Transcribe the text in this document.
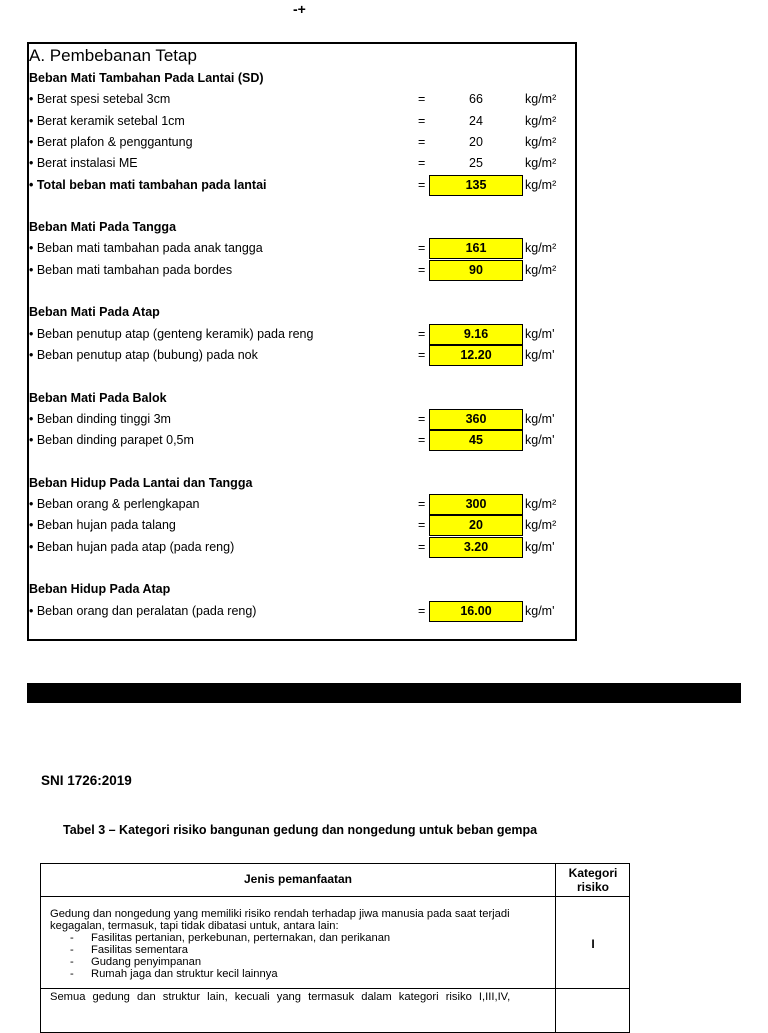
-+
A. Pembebanan Tetap
Beban Mati Tambahan Pada Lantai (SD)
• Berat spesi setebal 3cm	=	66	kg/m²
• Berat keramik setebal 1cm	=	24	kg/m²
• Berat plafon & penggantung	=	20	kg/m²
• Berat instalasi ME	=	25	kg/m²
• Total beban mati tambahan pada lantai	=	135	kg/m²
Beban Mati Pada Tangga
• Beban mati tambahan pada anak tangga	=	161	kg/m²
• Beban mati tambahan pada bordes	=	90	kg/m²
Beban Mati Pada Atap
• Beban penutup atap (genteng keramik) pada reng	=	9.16	kg/m'
• Beban penutup atap (bubung) pada nok	=	12.20	kg/m'
Beban Mati Pada Balok
• Beban dinding tinggi 3m	=	360	kg/m'
• Beban dinding parapet 0,5m	=	45	kg/m'
Beban Hidup Pada Lantai dan Tangga
• Beban orang & perlengkapan	=	300	kg/m²
• Beban hujan pada talang	=	20	kg/m²
• Beban hujan pada atap (pada reng)	=	3.20	kg/m'
Beban Hidup Pada Atap
• Beban orang dan peralatan (pada reng)	=	16.00	kg/m'
SNI 1726:2019
Tabel 3 – Kategori risiko bangunan gedung dan nongedung untuk beban gempa
Jenis pemanfaatan	Kategori
risiko
Gedung dan nongedung yang memiliki risiko rendah terhadap jiwa manusia pada saat terjadi
kegagalan, termasuk, tapi tidak dibatasi untuk, antara lain:
- Fasilitas pertanian, perkebunan, perternakan, dan perikanan
- Fasilitas sementara
- Gudang penyimpanan
- Rumah jaga dan struktur kecil lainnya
I
Semua gedung dan struktur lain, kecuali yang termasuk dalam kategori risiko I,III,IV,
